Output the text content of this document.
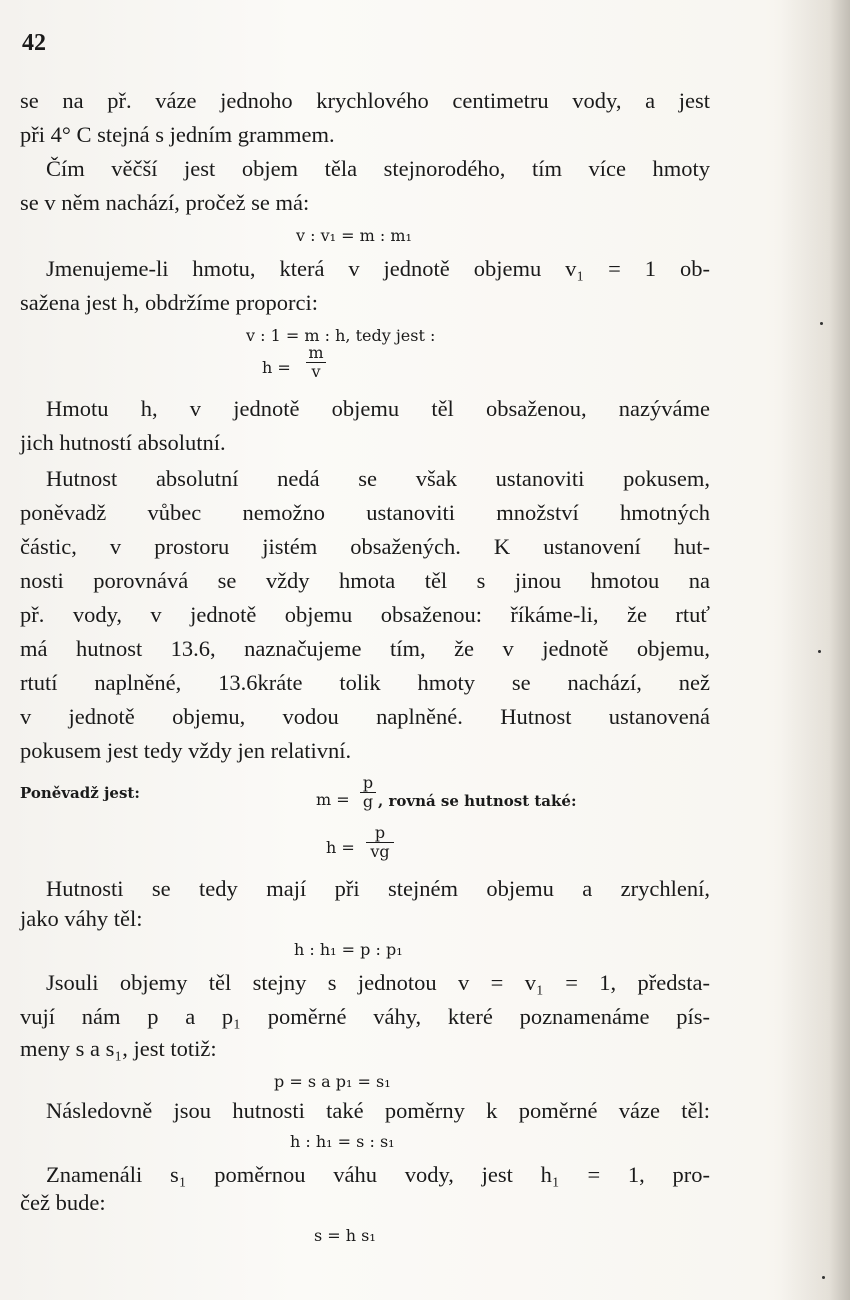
42
se na př. váze jednoho krychlového centimetru vody, a jest
při 4° C stejná s jedním grammem.
Čím věčší jest objem těla stejnorodého, tím více hmoty
se v něm nachází, pročež se má:
v : v₁ = m : m₁
Jmenujeme-li hmotu, která v jednotě objemu v₁ = 1 ob-
sažena jest h, obdržíme proporci:
v : 1 = m : h, tedy jest :
h =
m
v
Hmotu h, v jednotě objemu těl obsaženou, nazýváme
jich hutností absolutní.
Hutnost absolutní nedá se však ustanoviti pokusem,
poněvadž vůbec nemožno ustanoviti množství hmotných
částic, v prostoru jistém obsažených. K ustanovení hut-
nosti porovnává se vždy hmota těl s jinou hmotou na
př. vody, v jednotě objemu obsaženou: říkáme-li, že rtuť
má hutnost 13.6, naznačujeme tím, že v jednotě objemu,
rtutí naplněné, 13.6kráte tolik hmoty se nachází, než
v jednotě objemu, vodou naplněné. Hutnost ustanovená
pokusem jest tedy vždy jen relativní.
Poněvadž jest:	m =
p
g , rovná se hutnost také:
h =
p
vg
Hutnosti se tedy mají při stejném objemu a zrychlení,
jako váhy těl:
h : h₁ = p : p₁
Jsouli objemy těl stejny s jednotou v = v₁ = 1, předsta-
vují nám p a p₁ poměrné váhy, které poznamenáme pís-
meny s a s₁, jest totiž:
p = s a p₁ = s₁
Následovně jsou hutnosti také poměrny k poměrné váze těl:
h : h₁ = s : s₁
Znamenáli s₁ poměrnou váhu vody, jest h₁ = 1, pro-
čež bude:
s = h s₁
